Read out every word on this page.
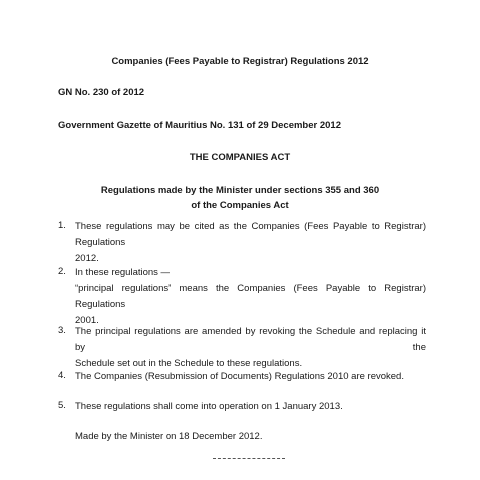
Companies (Fees Payable to Registrar) Regulations 2012
GN No. 230 of 2012
Government Gazette of Mauritius No. 131 of 29 December 2012
THE COMPANIES ACT
Regulations made by the Minister under sections 355 and 360
of the Companies Act
1. These regulations may be cited as the Companies (Fees Payable to Registrar) Regulations

2012.

2. In these regulations —

“principal regulations” means the Companies (Fees Payable to Registrar) Regulations

2001.

3. The principal regulations are amended by revoking the Schedule and replacing it by the

Schedule set out in the Schedule to these regulations.

4. The Companies (Resubmission of Documents) Regulations 2010 are revoked.

5. These regulations shall come into operation on 1 January 2013.

Made by the Minister on 18 December 2012.
